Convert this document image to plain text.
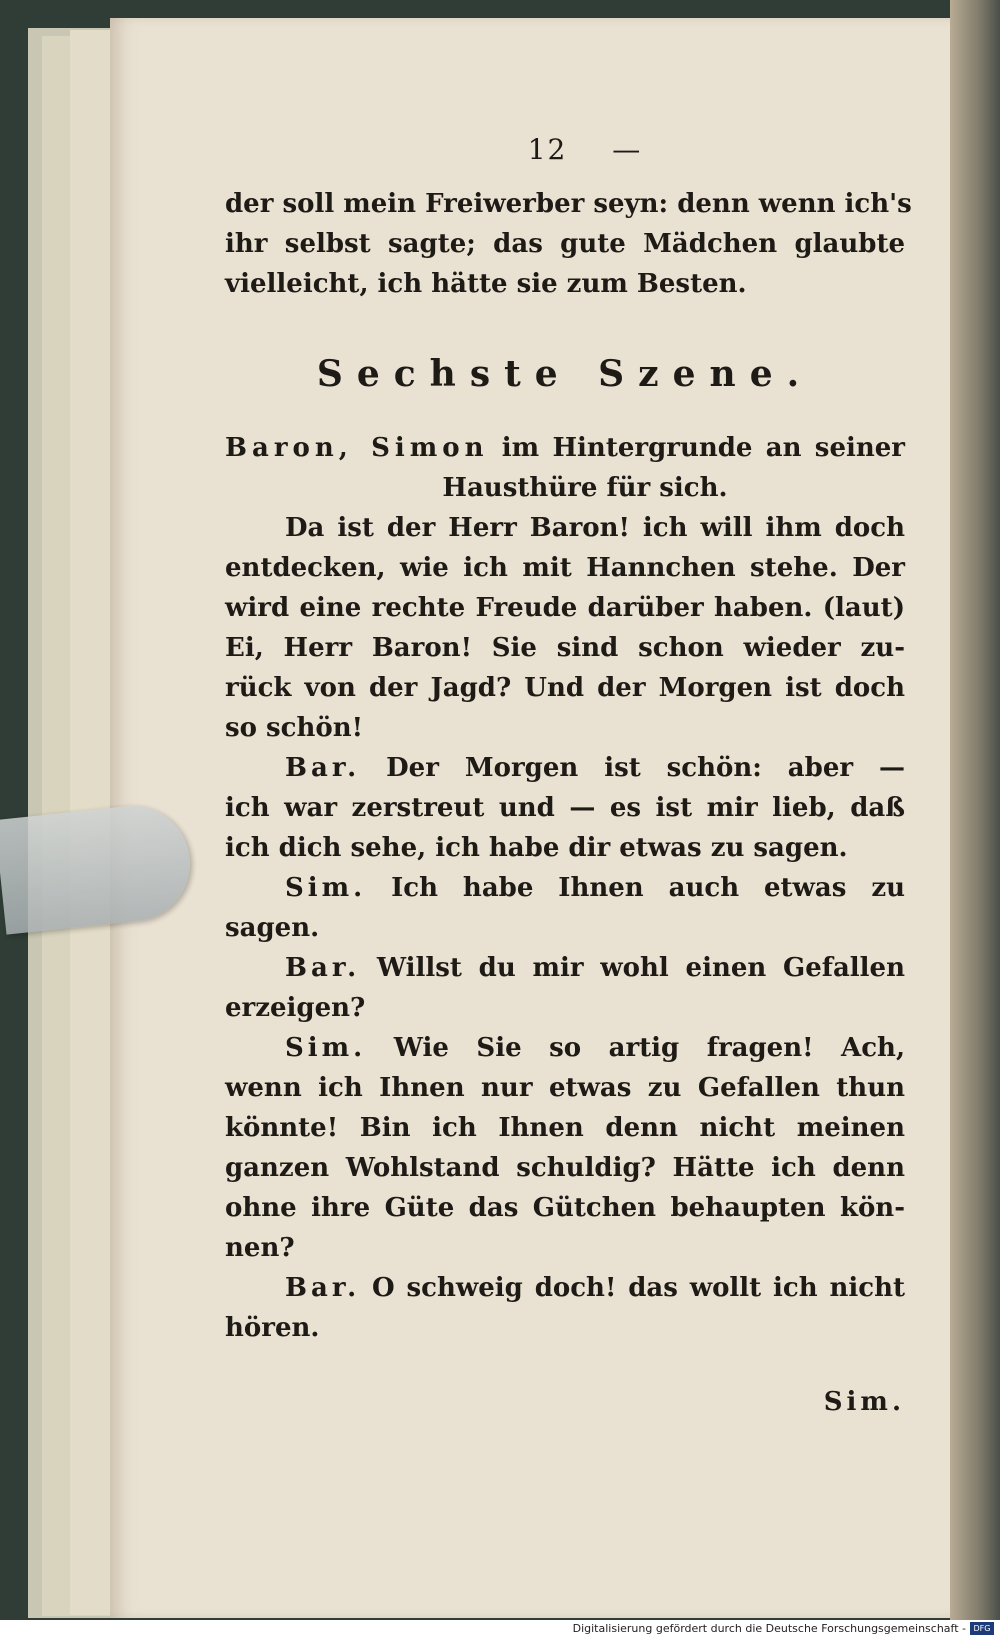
12 —
der soll mein Freiwerber seyn: denn wenn ich's
ihr selbst sagte; das gute Mädchen glaubte
vielleicht, ich hätte sie zum Besten.
Sechste Szene.
Baron, Simon im Hintergrunde an seiner
Hausthüre für sich.
Da ist der Herr Baron! ich will ihm doch
entdecken, wie ich mit Hannchen stehe. Der
wird eine rechte Freude darüber haben. (laut)
Ei, Herr Baron! Sie sind schon wieder zu-
rück von der Jagd? Und der Morgen ist doch
so schön!
Bar. Der Morgen ist schön: aber —
ich war zerstreut und — es ist mir lieb, daß
ich dich sehe, ich habe dir etwas zu sagen.
Sim. Ich habe Ihnen auch etwas zu
sagen.
Bar. Willst du mir wohl einen Gefallen
erzeigen?
Sim. Wie Sie so artig fragen! Ach,
wenn ich Ihnen nur etwas zu Gefallen thun
könnte! Bin ich Ihnen denn nicht meinen
ganzen Wohlstand schuldig? Hätte ich denn
ohne ihre Güte das Gütchen behaupten kön-
nen?
Bar. O schweig doch! das wollt ich nicht
hören.
Sim.
Digitalisierung gefördert durch die Deutsche Forschungsgemeinschaft - DFG
